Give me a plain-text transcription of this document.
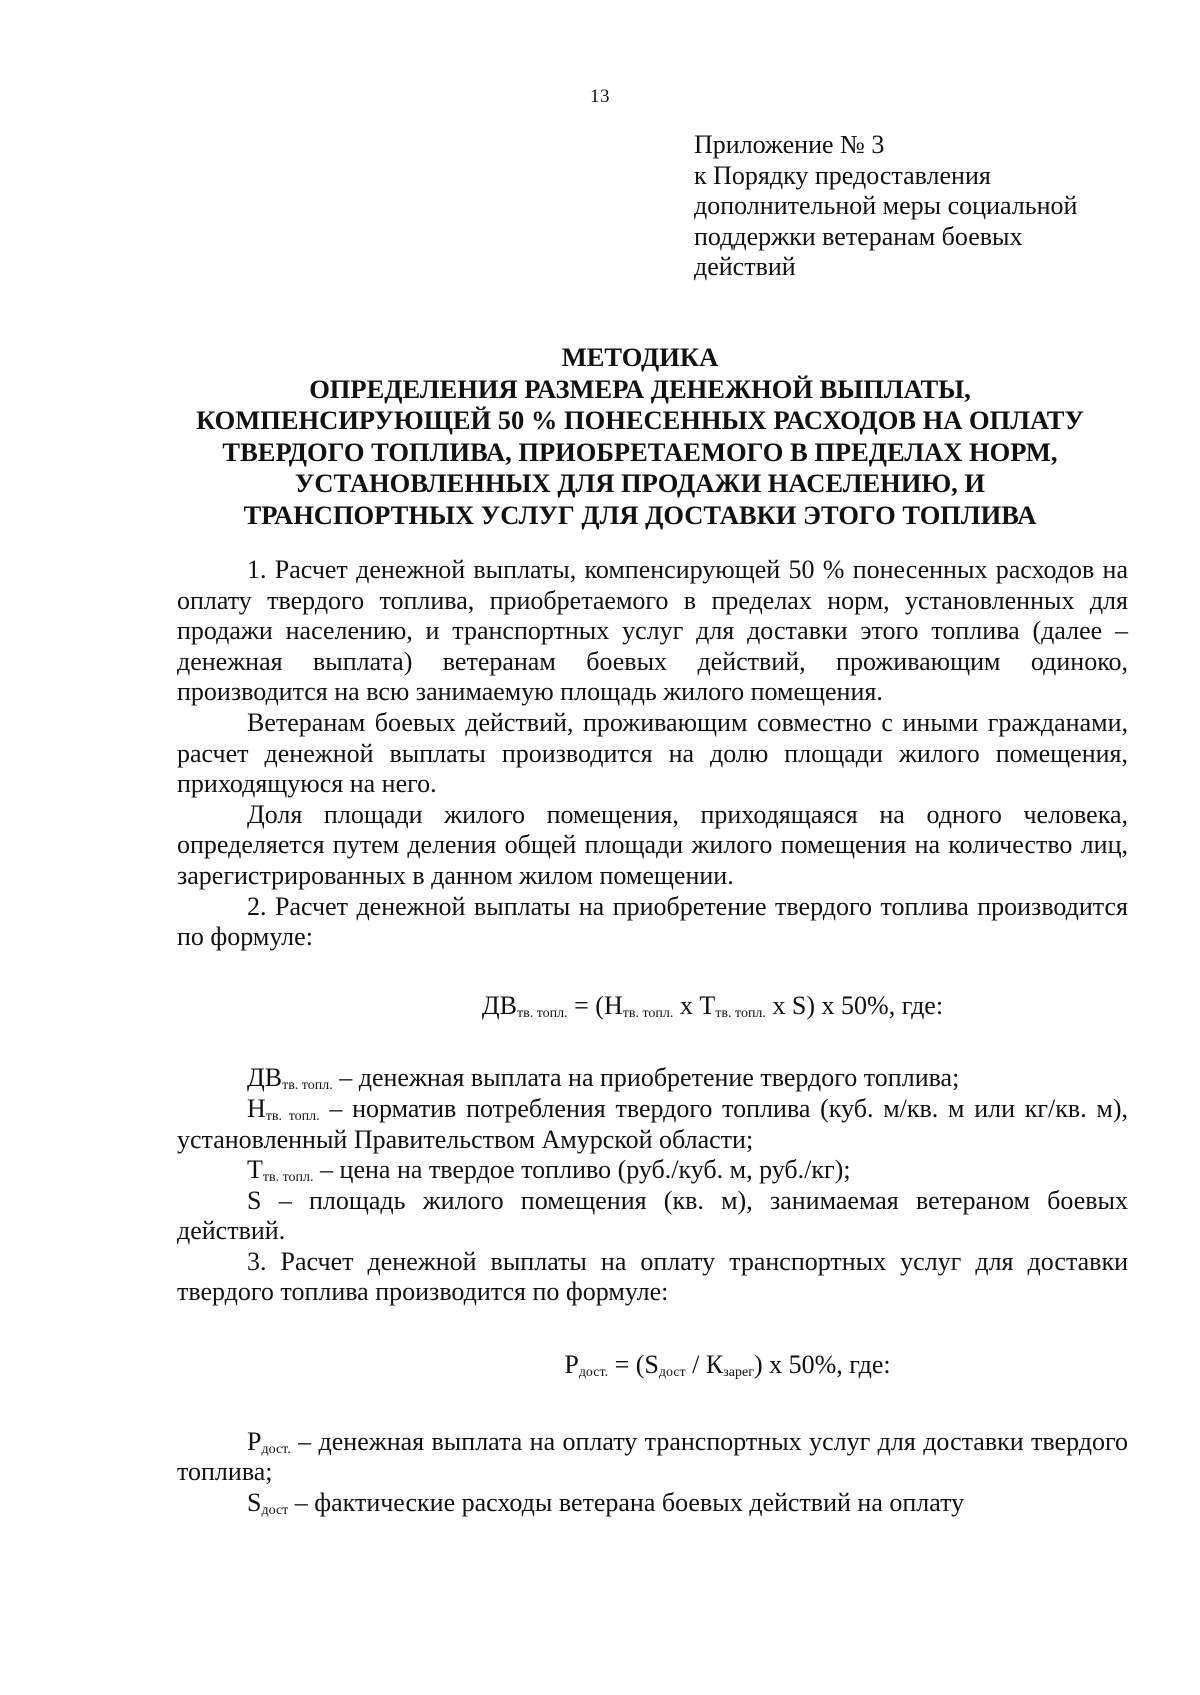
13
Приложение № 3
к Порядку предоставления
дополнительной меры социальной
поддержки ветеранам боевых
действий
МЕТОДИКА
ОПРЕДЕЛЕНИЯ РАЗМЕРА ДЕНЕЖНОЙ ВЫПЛАТЫ,
КОМПЕНСИРУЮЩЕЙ 50 % ПОНЕСЕННЫХ РАСХОДОВ НА ОПЛАТУ
ТВЕРДОГО ТОПЛИВА, ПРИОБРЕТАЕМОГО В ПРЕДЕЛАХ НОРМ,
УСТАНОВЛЕННЫХ ДЛЯ ПРОДАЖИ НАСЕЛЕНИЮ, И
ТРАНСПОРТНЫХ УСЛУГ ДЛЯ ДОСТАВКИ ЭТОГО ТОПЛИВА

1. Расчет денежной выплаты, компенсирующей 50 % понесенных расходов на оплату твердого топлива, приобретаемого в пределах норм, установленных для продажи населению, и транспортных услуг для доставки этого топлива (далее – денежная выплата) ветеранам боевых действий, проживающим одиноко, производится на всю занимаемую площадь жилого помещения.

Ветеранам боевых действий, проживающим совместно с иными гражданами, расчет денежной выплаты производится на долю площади жилого помещения, приходящуюся на него.

Доля площади жилого помещения, приходящаяся на одного человека, определяется путем деления общей площади жилого помещения на количество лиц, зарегистрированных в данном жилом помещении.

2. Расчет денежной выплаты на приобретение твердого топлива производится по формуле:

$ДВ_{тв. топл.} = (Н_{тв. топл.}$ х $Т_{тв. топл.}$ х S) х 50%, где:
$ДВ_{тв. топл.}$ – денежная выплата на приобретение твердого топлива;
$Н_{тв. топл.}$ – норматив потребления твердого топлива (куб. м/кв. м или кг/кв. м), установленный Правительством Амурской области;
$Т_{тв. топл.}$ – цена на твердое топливо (руб./куб. м, руб./кг);
S – площадь жилого помещения (кв. м), занимаемая ветераном боевых действий.

3. Расчет денежной выплаты на оплату транспортных услуг для доставки твердого топлива производится по формуле:

$Р_{дост.} = (S_{дост} / К_{зарег})$ х 50%, где:
$Р_{дост.}$ – денежная выплата на оплату транспортных услуг для доставки твердого топлива;
$S_{дост}$ – фактические расходы ветерана боевых действий на оплату
